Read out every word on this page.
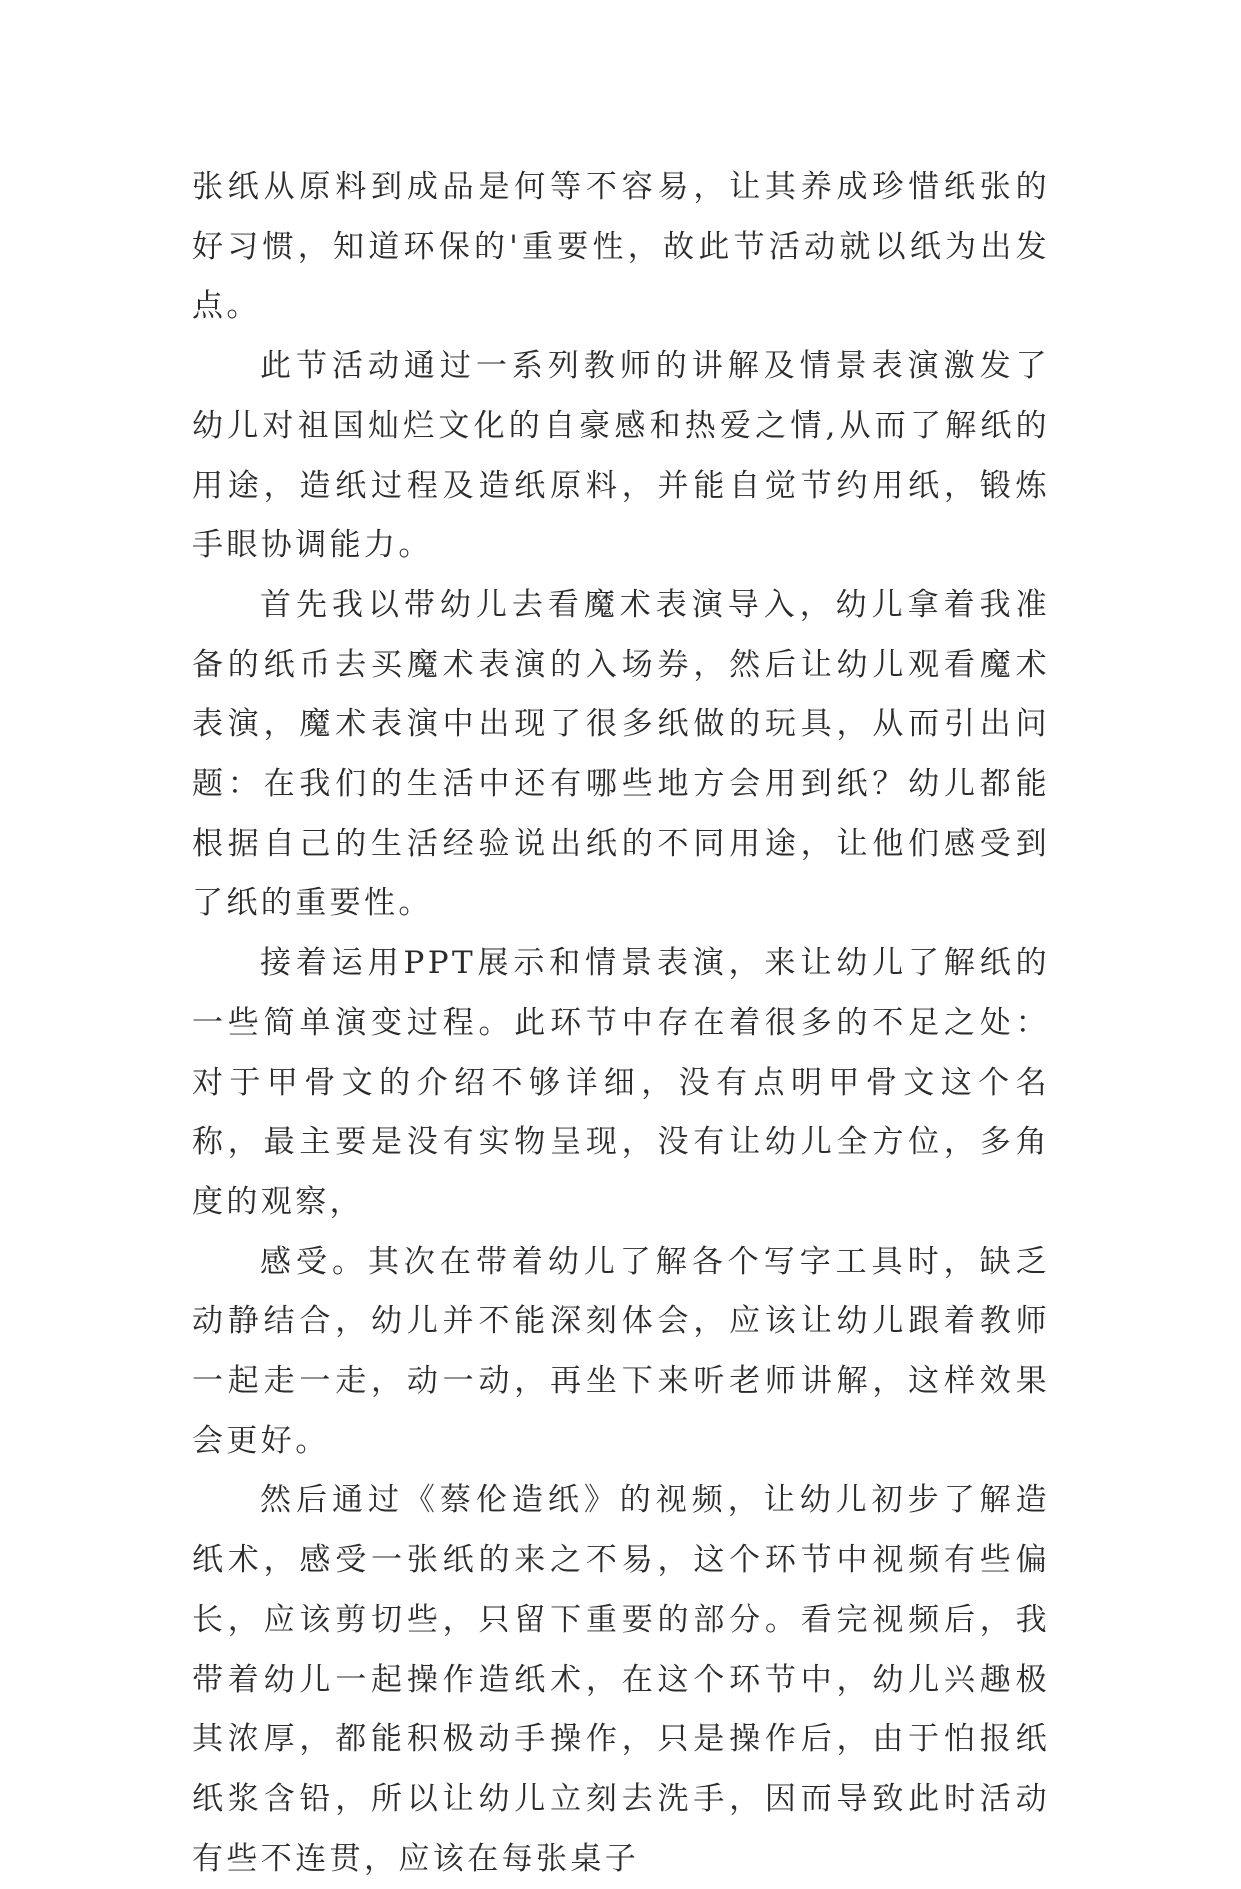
张纸从原料到成品是何等不容易，让其养成珍惜纸张的好习惯，知道环保的'重要性，故此节活动就以纸为出发点。

此节活动通过一系列教师的讲解及情景表演激发了幼儿对祖国灿烂文化的自豪感和热爱之情,从而了解纸的用途，造纸过程及造纸原料，并能自觉节约用纸，锻炼手眼协调能力。

首先我以带幼儿去看魔术表演导入，幼儿拿着我准备的纸币去买魔术表演的入场券，然后让幼儿观看魔术表演，魔术表演中出现了很多纸做的玩具，从而引出问题：在我们的生活中还有哪些地方会用到纸？幼儿都能根据自己的生活经验说出纸的不同用途，让他们感受到了纸的重要性。

接着运用PPT展示和情景表演，来让幼儿了解纸的一些简单演变过程。此环节中存在着很多的不足之处：对于甲骨文的介绍不够详细，没有点明甲骨文这个名称，最主要是没有实物呈现，没有让幼儿全方位，多角度的观察，

感受。其次在带着幼儿了解各个写字工具时，缺乏动静结合，幼儿并不能深刻体会，应该让幼儿跟着教师一起走一走，动一动，再坐下来听老师讲解，这样效果会更好。

然后通过《蔡伦造纸》的视频，让幼儿初步了解造纸术，感受一张纸的来之不易，这个环节中视频有些偏长，应该剪切些，只留下重要的部分。看完视频后，我带着幼儿一起操作造纸术，在这个环节中，幼儿兴趣极其浓厚，都能积极动手操作，只是操作后，由于怕报纸纸浆含铅，所以让幼儿立刻去洗手，因而导致此时活动有些不连贯，应该在每张桌子
